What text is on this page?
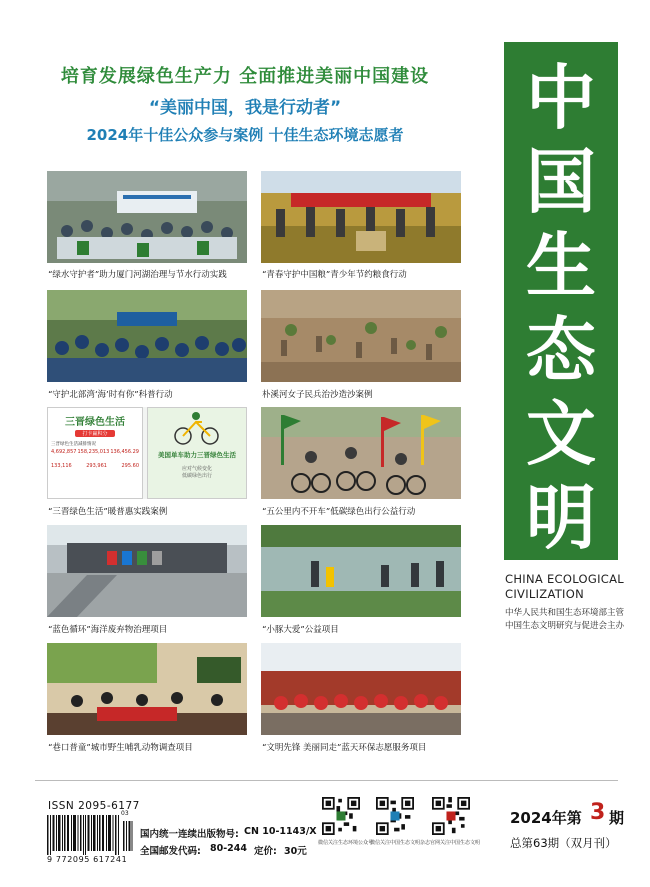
培育发展绿色生产力 全面推进美丽中国建设
“美丽中国，我是行动者”
2024年十佳公众参与案例 十佳生态环境志愿者
“绿水守护者”助力厦门河湖治理与节水行动实践	“青春守护中国粮”青少年节约粮食行动
“守护北部湾‘海’时有你”科普行动	朴溪河女子民兵治沙造沙案例
三晋绿色生活
打卡赢积分
三晋绿色生活减排情况
4,692,857 158,235,013 136,456.29
133,116	293,961	295.60
美国单车助力三晋绿色生活
应对气候变化
低碳绿色出行
“三晋绿色生活”暖普惠实践案例	“五公里内不开车”低碳绿色出行公益行动
“蓝色循环”海洋废弃物治理项目	“小豚大爱”公益项目
“巷口普童”城市野生哺乳动物调查项目	“文明先锋 美丽同走”蓝天环保志愿服务项目
中
国
生
态
文
明
CHINA ECOLOGICAL
CIVILIZATION
中华人民共和国生态环境部主管
中国生态文明研究与促进会主办
ISSN 2095-6177
9 772095 617241
03
国内统一连续出版物号: CN 10-1143/X
全国邮发代码: 80-244 定价: 30元
微信关注生态环境公众号
微信关注中国生态文明杂志 官网关注中国生态文明
2024年第 3 期
总第63期（双月刊）
